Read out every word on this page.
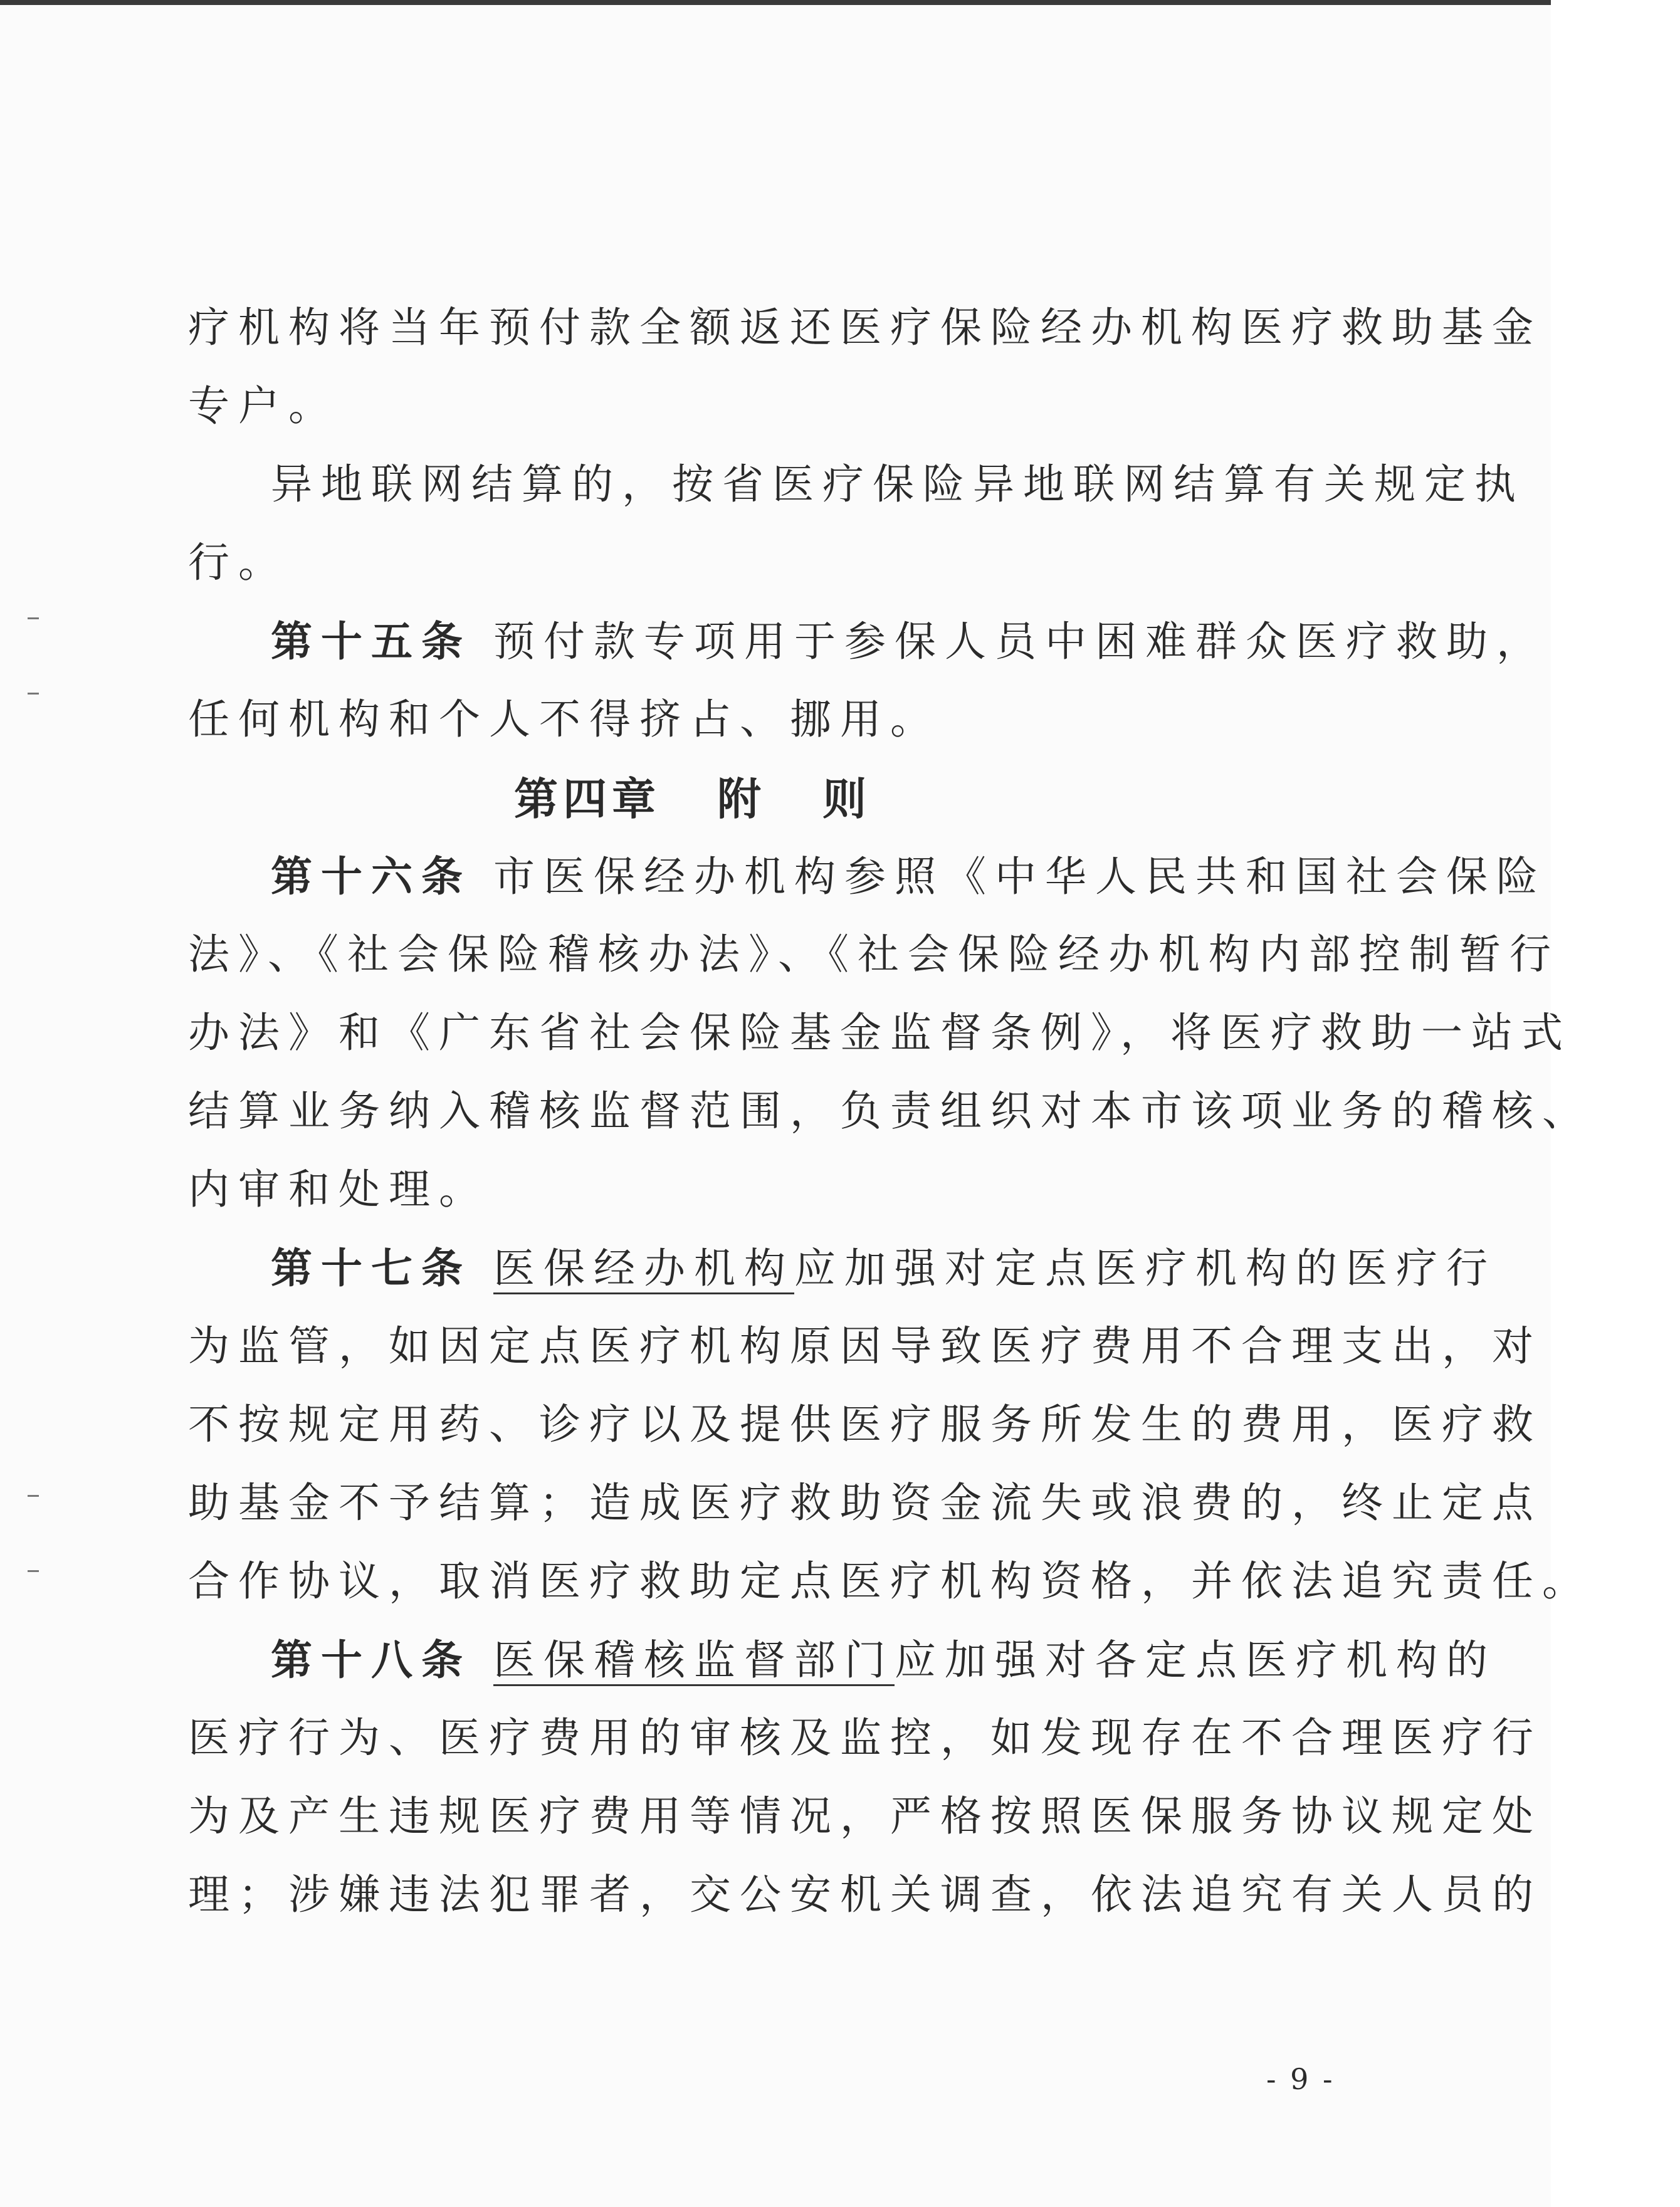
疗机构将当年预付款全额返还医疗保险经办机构医疗救助基金
专户。
异地联网结算的，按省医疗保险异地联网结算有关规定执
行。
第十五条 预付款专项用于参保人员中困难群众医疗救助，
任何机构和个人不得挤占、挪用。
第四章 附 则
第十六条 市医保经办机构参照《中华人民共和国社会保险
法》、《社会保险稽核办法》、《社会保险经办机构内部控制暂行
办法》和《广东省社会保险基金监督条例》，将医疗救助一站式
结算业务纳入稽核监督范围，负责组织对本市该项业务的稽核、
内审和处理。
第十七条 医保经办机构应加强对定点医疗机构的医疗行
为监管，如因定点医疗机构原因导致医疗费用不合理支出，对
不按规定用药、诊疗以及提供医疗服务所发生的费用，医疗救
助基金不予结算；造成医疗救助资金流失或浪费的，终止定点
合作协议，取消医疗救助定点医疗机构资格，并依法追究责任。
第十八条 医保稽核监督部门应加强对各定点医疗机构的
医疗行为、医疗费用的审核及监控，如发现存在不合理医疗行
为及产生违规医疗费用等情况，严格按照医保服务协议规定处
理；涉嫌违法犯罪者，交公安机关调查，依法追究有关人员的
- 9 -
